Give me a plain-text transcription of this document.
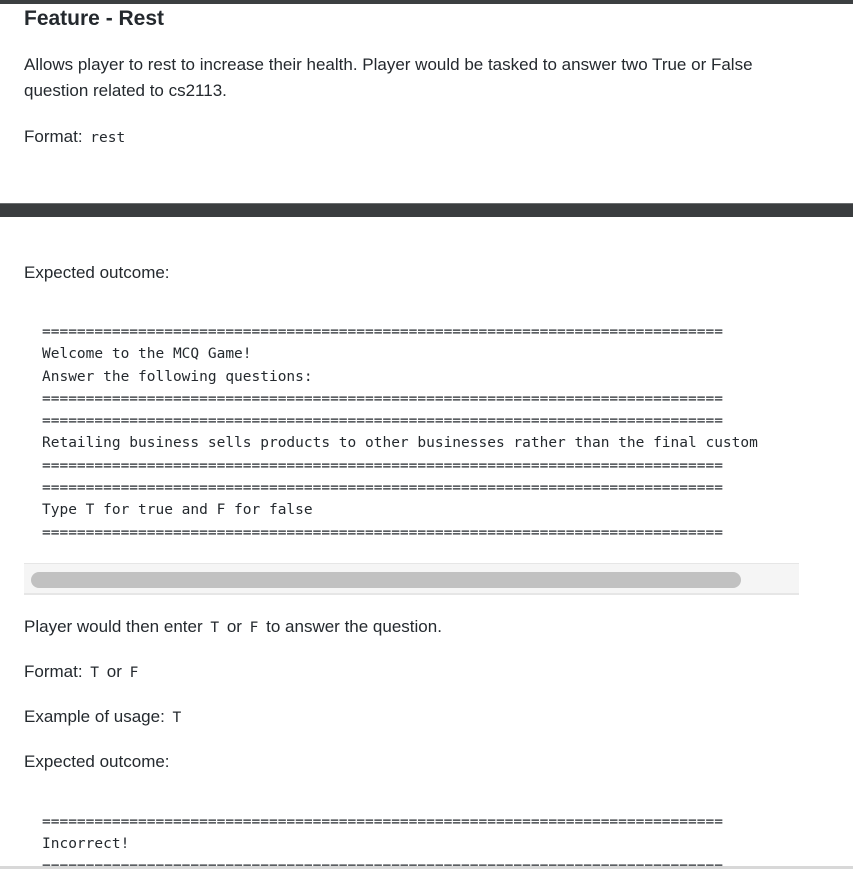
Feature - Rest

Allows player to rest to increase their health. Player would be tasked to answer two True or False question related to cs2113.

Format: rest

Expected outcome:

==============================================================================
Welcome to the MCQ Game!
Answer the following questions:
==============================================================================
==============================================================================
Retailing business sells products to other businesses rather than the final custom
==============================================================================
==============================================================================
Type T for true and F for false
==============================================================================

Player would then enter T or F to answer the question.

Format: T or F

Example of usage: T

Expected outcome:

==============================================================================
Incorrect!
